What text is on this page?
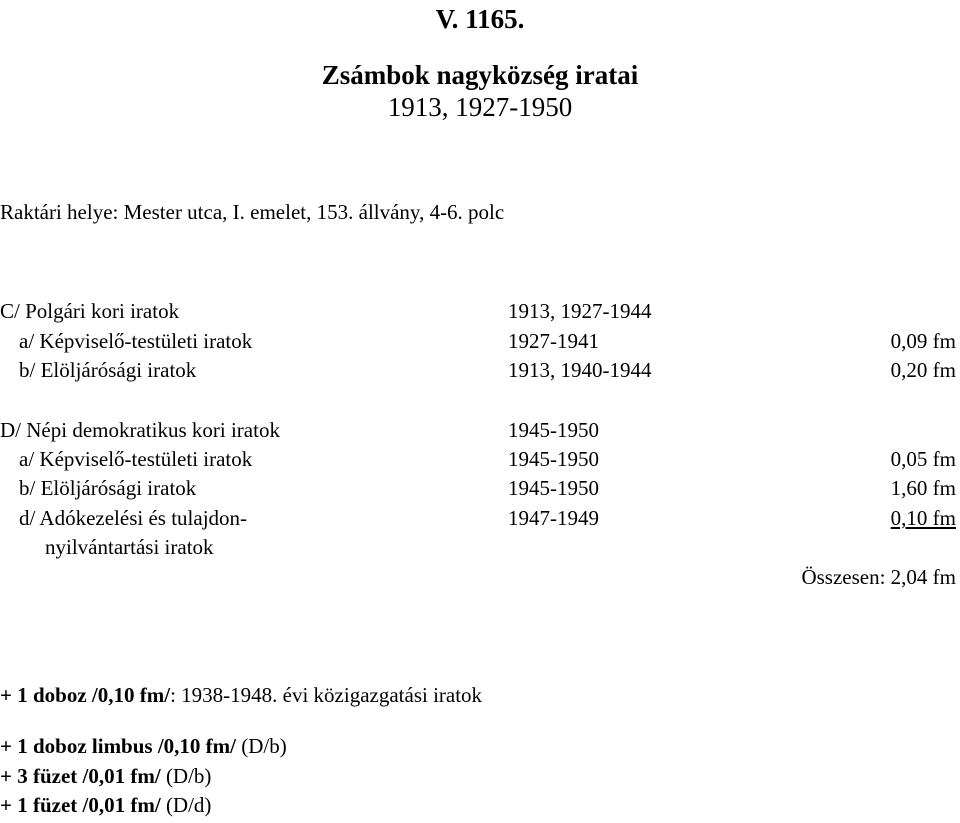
V. 1165.
Zsámbok nagyközség iratai
1913, 1927-1950
Raktári helye: Mester utca, I. emelet, 153. állvány, 4-6. polc
C/ Polgári kori iratok	1913, 1927-1944
a/ Képviselő-testületi iratok	1927-1941	0,09 fm
b/ Elöljárósági iratok	1913, 1940-1944	0,20 fm
D/ Népi demokratikus kori iratok	1945-1950
a/ Képviselő-testületi iratok	1945-1950	0,05 fm
b/ Elöljárósági iratok	1945-1950	1,60 fm
d/ Adókezelési és tulajdon-	1947-1949	0,10 fm
nyilvántartási iratok
Összesen: 2,04 fm
+ 1 doboz /0,10 fm/: 1938-1948. évi közigazgatási iratok
+ 1 doboz limbus /0,10 fm/ (D/b)
+ 3 füzet /0,01 fm/ (D/b)
+ 1 füzet /0,01 fm/ (D/d)
